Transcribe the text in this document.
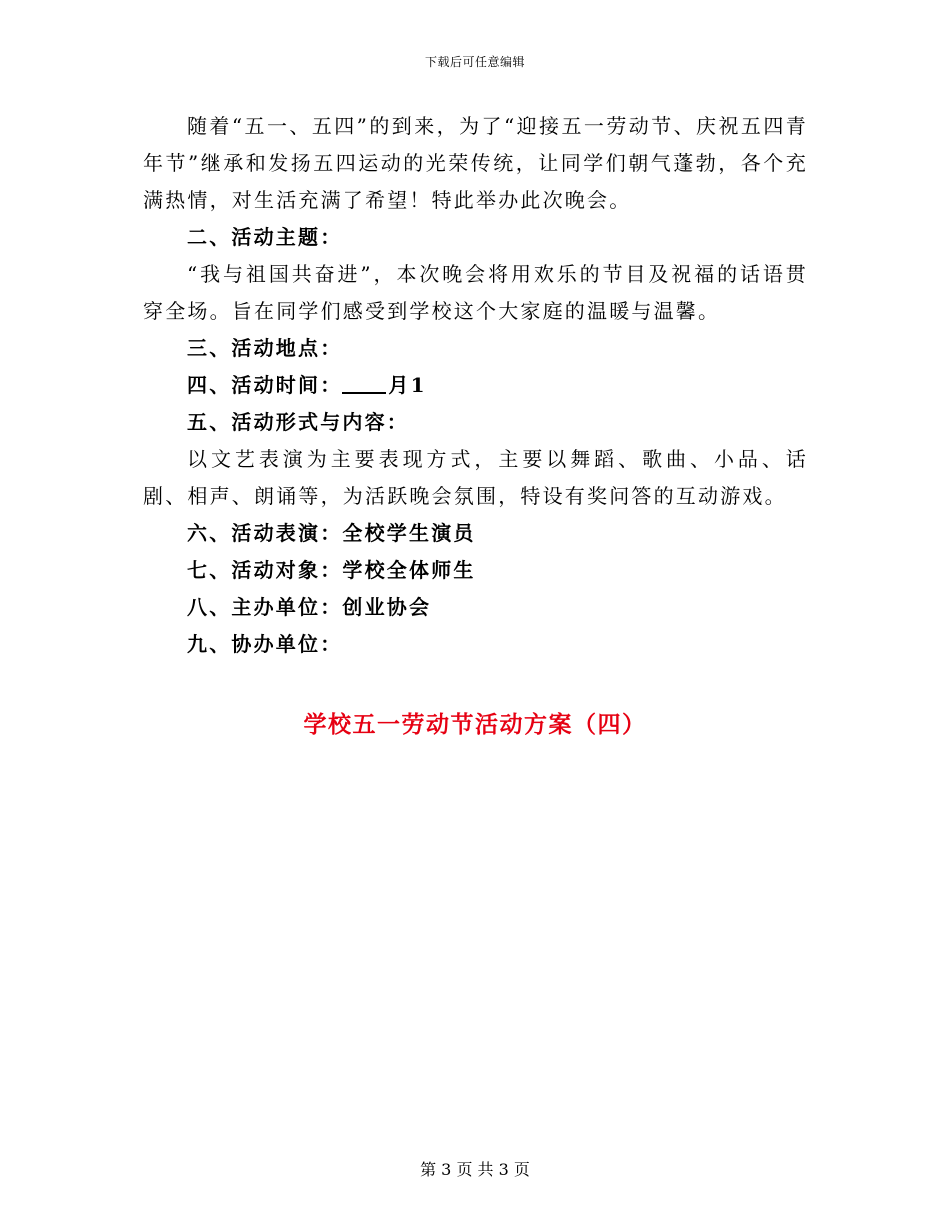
下载后可任意编辑

随着“五一、五四”的到来，为了“迎接五一劳动节、庆祝五四青年节”继承和发扬五四运动的光荣传统，让同学们朝气蓬勃，各个充满热情，对生活充满了希望！特此举办此次晚会。

二、活动主题：

“我与祖国共奋进”，本次晚会将用欢乐的节目及祝福的话语贯穿全场。旨在同学们感受到学校这个大家庭的温暖与温馨。

三、活动地点：

四、活动时间： 月1

五、活动形式与内容：

以文艺表演为主要表现方式，主要以舞蹈、歌曲、小品、话剧、相声、朗诵等，为活跃晚会氛围，特设有奖问答的互动游戏。

六、活动表演：全校学生演员

七、活动对象：学校全体师生

八、主办单位：创业协会

九、协办单位：

学校五一劳动节活动方案（四）
第 3 页 共 3 页
